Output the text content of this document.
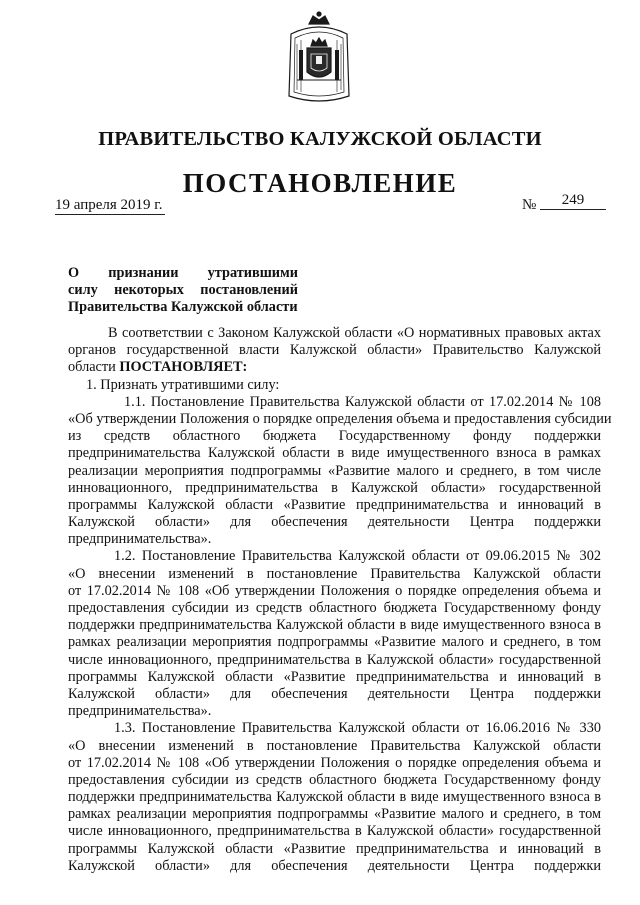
ПРАВИТЕЛЬСТВО КАЛУЖСКОЙ ОБЛАСТИ
ПОСТАНОВЛЕНИЕ
19 апреля 2019 г.	№	249
О признании утратившими
силу некоторых постановлений
Правительства Калужской области
В соответствии с Законом Калужской области «О нормативных правовых актах
органов государственной власти Калужской области» Правительство Калужской
области ПОСТАНОВЛЯЕТ:
1. Признать утратившими силу:
1.1. Постановление Правительства Калужской области от 17.02.2014 № 108
«Об утверждении Положения о порядке определения объема и предоставления субсидии
из средств областного бюджета Государственному фонду поддержки
предпринимательства Калужской области в виде имущественного взноса в рамках
реализации мероприятия подпрограммы «Развитие малого и среднего, в том числе
инновационного, предпринимательства в Калужской области» государственной
программы Калужской области «Развитие предпринимательства и инноваций в
Калужской области» для обеспечения деятельности Центра поддержки
предпринимательства».
1.2. Постановление Правительства Калужской области от 09.06.2015 № 302
«О внесении изменений в постановление Правительства Калужской области
от 17.02.2014 № 108 «Об утверждении Положения о порядке определения объема и
предоставления субсидии из средств областного бюджета Государственному фонду
поддержки предпринимательства Калужской области в виде имущественного взноса в
рамках реализации мероприятия подпрограммы «Развитие малого и среднего, в том
числе инновационного, предпринимательства в Калужской области» государственной
программы Калужской области «Развитие предпринимательства и инноваций в
Калужской области» для обеспечения деятельности Центра поддержки
предпринимательства».
1.3. Постановление Правительства Калужской области от 16.06.2016 № 330
«О внесении изменений в постановление Правительства Калужской области
от 17.02.2014 № 108 «Об утверждении Положения о порядке определения объема и
предоставления субсидии из средств областного бюджета Государственному фонду
поддержки предпринимательства Калужской области в виде имущественного взноса в
рамках реализации мероприятия подпрограммы «Развитие малого и среднего, в том
числе инновационного, предпринимательства в Калужской области» государственной
программы Калужской области «Развитие предпринимательства и инноваций в
Калужской области» для обеспечения деятельности Центра поддержки
